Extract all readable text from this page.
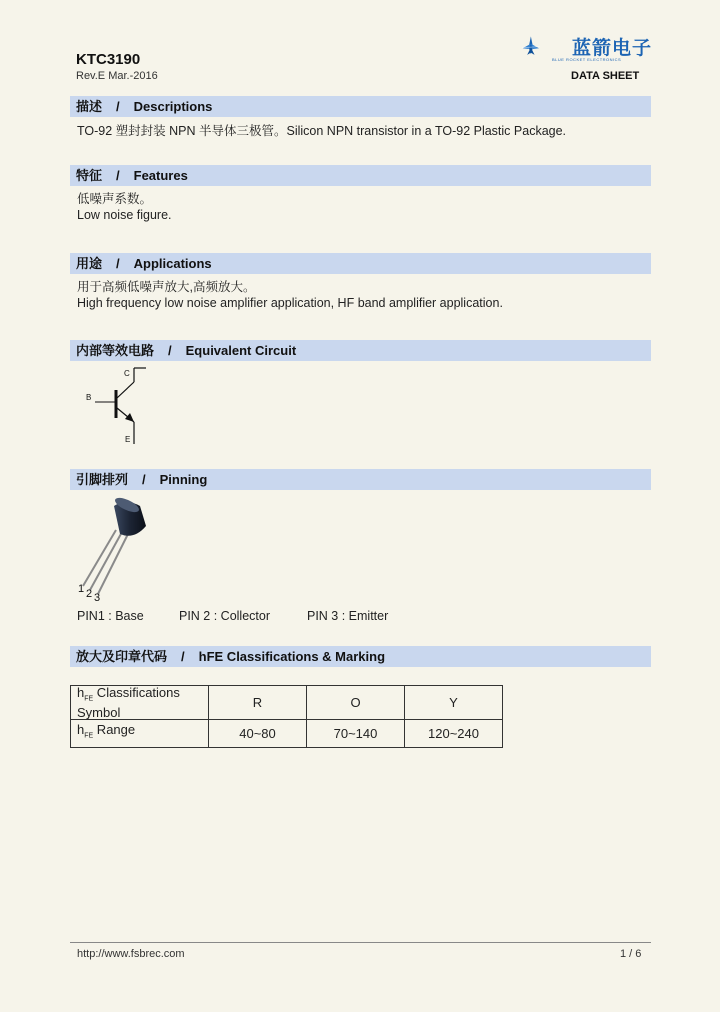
KTC3190
Rev.E Mar.-2016
蓝箭电子
BLUE ROCKET ELECTRONICS
DATA SHEET
描述 / Descriptions
TO-92 塑封封装 NPN 半导体三极管。Silicon NPN transistor in a TO-92 Plastic Package.
特征 / Features
低噪声系数。
Low noise figure.
用途 / Applications
用于高频低噪声放大,高频放大。
High frequency low noise amplifier application, HF band amplifier application.
内部等效电路 / Equivalent Circuit
C
B
E
引脚排列 / Pinning
1 2 3
PIN1 : Base	PIN 2 : Collector	PIN 3 : Emitter
放大及印章代码 / hFE Classifications & Marking
$h_{FE}$ Classifications
Symbol	R	O	Y
$h_{FE}$ Range	40~80	70~140	120~240
http://www.fsbrec.com	1 / 6
